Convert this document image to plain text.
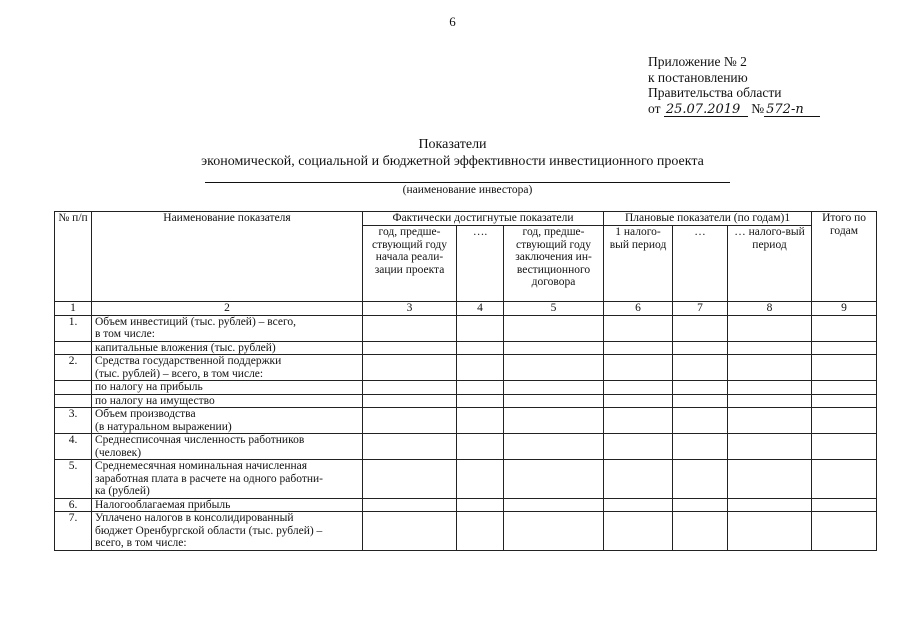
6
Приложение № 2
к постановлению
Правительства области
от 25.07.2019 № 572-п
Показатели
экономической, социальной и бюджетной эффективности инвестиционного проекта
(наименование инвестора)
№ п/п	Наименование показателя	Фактически достигнутые показатели			Плановые показатели (по годам)1			Итого по годам
		год, предше-ствующий году начала реали-зации проекта	….	год, предше-ствующий году заключения ин-вестиционного договора	1 налого-вый период	…	… налого-вый период	
1	2	3	4	5	6	7	8	9
1.	Объем инвестиций (тыс. рублей) – всего,
в том числе:							

	капитальные вложения (тыс. рублей)							

2.	Средства государственной поддержки
(тыс. рублей) – всего, в том числе:							

	по налогу на прибыль							

	по налогу на имущество							

3.	Объем производства
(в натуральном выражении)							

4.	Среднесписочная численность работников
(человек)							

5.	Среднемесячная номинальная начисленная
заработная плата в расчете на одного работни-
ка (рублей)							

6.	Налогооблагаемая прибыль							

7.	Уплачено налогов в консолидированный
бюджет Оренбургской области (тыс. рублей) –
всего, в том числе:							
